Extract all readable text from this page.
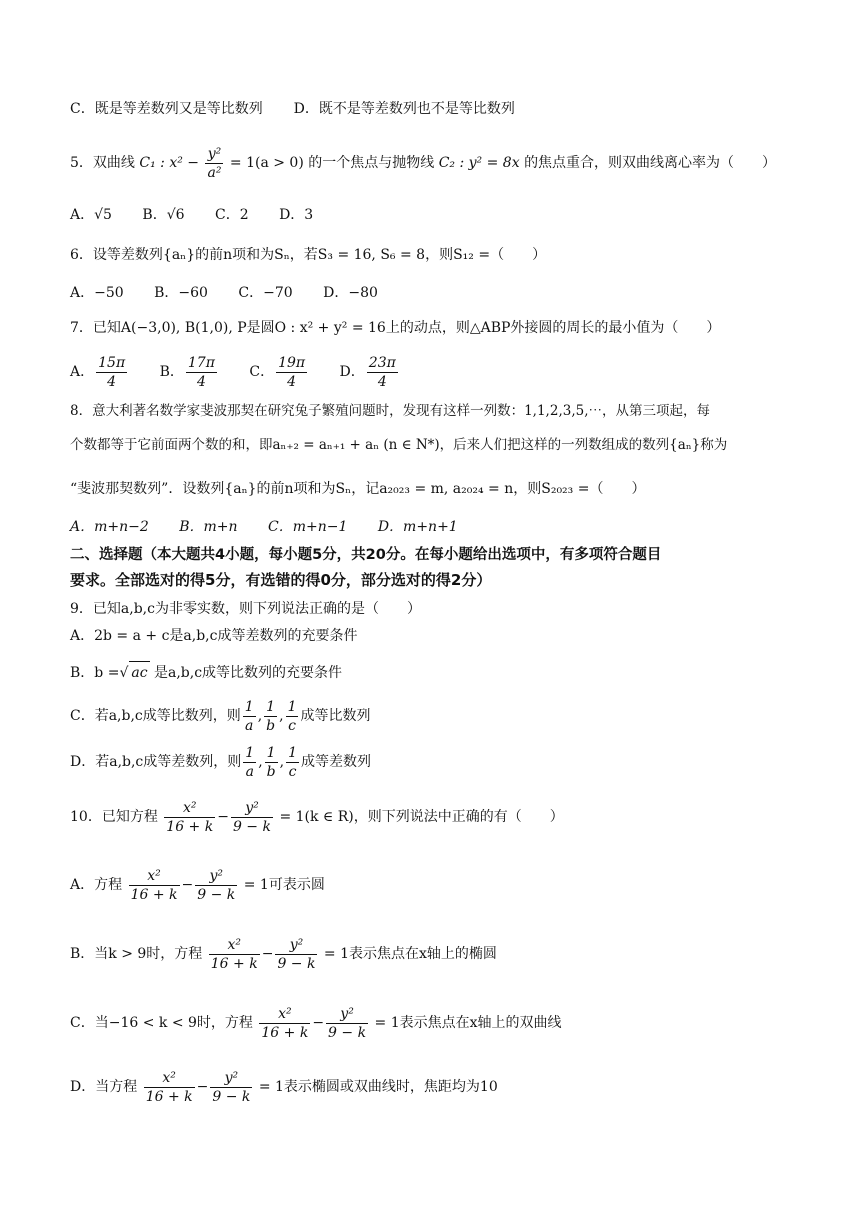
C．既是等差数列又是等比数列 D．既不是等差数列也不是等比数列
5．双曲线 C₁ : $x^2 - \frac{\text{y²}}{\text{a²}} = 1(a > 0)$ 的一个焦点与抛物线 C₂ : y² = 8x 的焦点重合，则双曲线离心率为（　　）
A．√5 B．√6 C．2 D．3
6．设等差数列{aₙ}的前n项和为Sₙ，若S₃ = 16, S₆ = 8，则S₁₂ =（　　）
A．−50 B．−60 C．−70 D．−80
7．已知A(−3,0), B(1,0), P是圆O : x² + y² = 16上的动点，则△ABP外接圆的周长的最小值为（　　）
A． $\frac{15\pi}{4}$ B． $\frac{17\pi}{4}$ C． $\frac{19\pi}{4}$ D． $\frac{23\pi}{4}$
8．意大利著名数学家斐波那契在研究兔子繁殖问题时，发现有这样一列数：1,1,2,3,5,⋯，从第三项起，每
个数都等于它前面两个数的和，即aₙ₊₂ = aₙ₊₁ + aₙ (n ∈ N*)，后来人们把这样的一列数组成的数列{aₙ}称为
“斐波那契数列”．设数列{aₙ}的前n项和为Sₙ，记a₂₀₂₃ = m, a₂₀₂₄ = n，则S₂₀₂₃ =（　　）
A．m+n−2 B．m+n C．m+n−1 D．m+n+1
二、选择题（本大题共4小题，每小题5分，共20分。在每小题给出选项中，有多项符合题目
要求。全部选对的得5分，有选错的得0分，部分选对的得2分）
9．已知a,b,c为非零实数，则下列说法正确的是（　　）
A．2b = a + c是a,b,c成等差数列的充要条件
B．b =√ ac 是a,b,c成等比数列的充要条件
C．若a,b,c成等比数列，则 $\frac{1}{a}$ , $\frac{1}{b}$ , $\frac{1}{c}$ 成等比数列
D．若a,b,c成等差数列，则 $\frac{1}{a}$ , $\frac{1}{b}$ , $\frac{1}{c}$ 成等差数列
10．已知方程 $\frac{\text{x²}}{16 + k} - \frac{\text{y²}}{9 - k} = 1(k$ ∈ R)，则下列说法中正确的有（　　）
A．方程 $\frac{\text{x²}}{16 + k} - \frac{\text{y²}}{9 - k} = 1$可表示圆
B．当k > 9时，方程 $\frac{\text{x²}}{16 + k} - \frac{\text{y²}}{9 - k} = 1$表示焦点在x轴上的椭圆
C．当−16 < k < 9时，方程 $\frac{\text{x²}}{16 + k} - \frac{\text{y²}}{9 - k} = 1$表示焦点在x轴上的双曲线
D．当方程 $\frac{\text{x²}}{16 + k} - \frac{\text{y²}}{9 - k} = 1$表示椭圆或双曲线时，焦距均为10
